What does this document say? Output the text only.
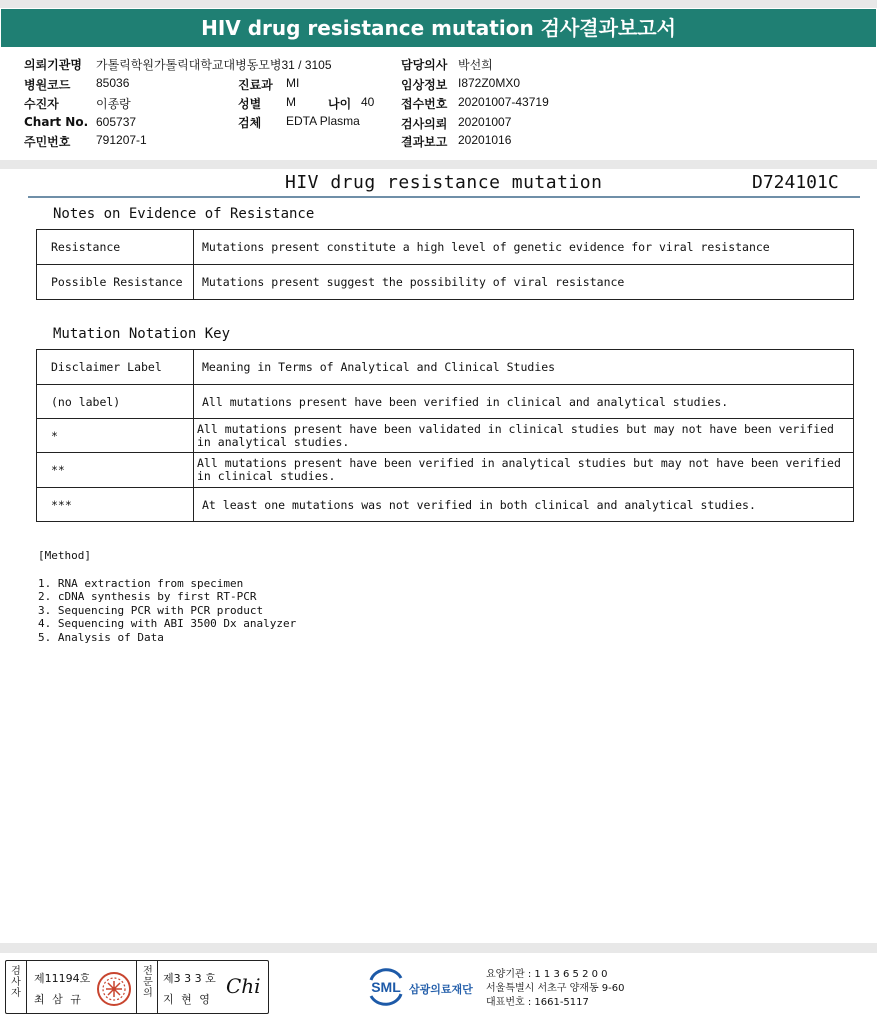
HIV drug resistance mutation 검사결과보고서
의뢰기관명 가톨릭학원가톨릭대학교대병동모병31 / 3105
병원코드 85036
수진자	이종랑
Chart No. 605737
주민번호 791207-1
진료과 MI
성별 M	나이 40
검체 EDTA Plasma
담당의사 박선희
임상정보 I872Z0MX0
접수번호 20201007-43719
검사의뢰 20201007
결과보고 20201016
HIV drug resistance mutation	D724101C
Notes on Evidence of Resistance
Resistance	Mutations present constitute a high level of genetic evidence for viral resistance
Possible Resistance	Mutations present suggest the possibility of viral resistance
Mutation Notation Key
Disclaimer Label	Meaning in Terms of Analytical and Clinical Studies
(no label)	All mutations present have been verified in clinical and analytical studies.
*	All mutations present have been validated in clinical studies but may not have been verified in analytical studies.
**	All mutations present have been verified in analytical studies but may not have been verified in clinical studies.
***	At least one mutations was not verified in both clinical and analytical studies.
[Method]
1. RNA extraction from specimen
2. cDNA synthesis by first RT-PCR
3. Sequencing PCR with PCR product
4. Sequencing with ABI 3500 Dx analyzer
5. Analysis of Data
검
사
자
제11194호
최 삼 규
전
문
의
제3 3 3 호
지 현 영
Chi	SML 삼광의료재단
요양기관 : 1 1 3 6 5 2 0 0
서울특별시 서초구 양재동 9-60
대표번호 : 1661-5117
